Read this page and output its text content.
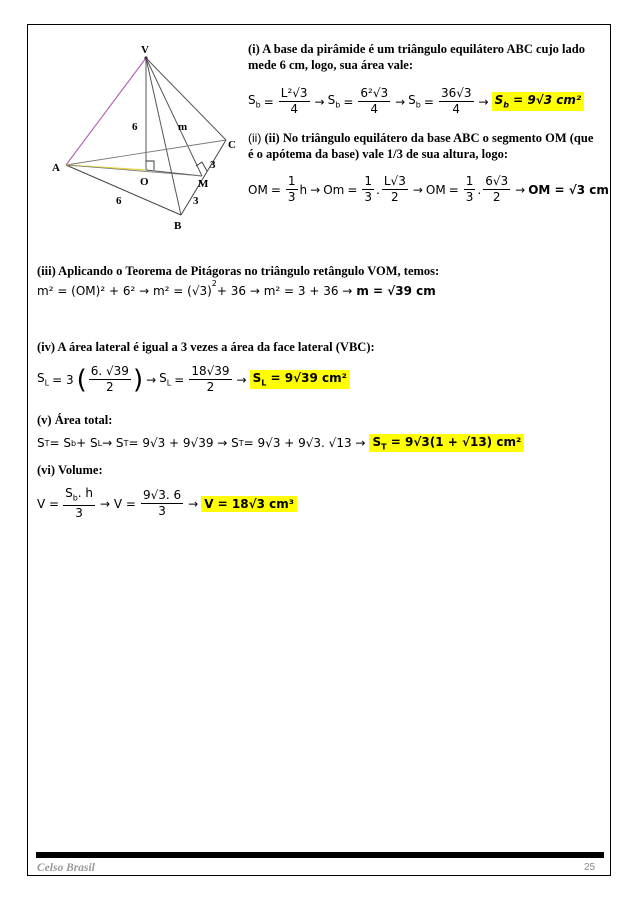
V
6	m
C
A
O	M
3
6	3
B
(i) A base da pirâmide é um triângulo equilátero ABC cujo lado mede 6 cm, logo, sua área vale:
$S_b = \frac{\text{L²√3}}{4} \to S_b = \frac{\text{6²√3}}{4} \to S_b = \frac{36√3}{4} \to S_b = 9√3$ cm²
(ii) (ii) No triângulo equilátero da base ABC o segmento OM (que é o apótema da base) vale 1/3 de sua altura, logo:
OM = $\frac{1}{3}$ $h \to Om = \frac{1}{3}$ . $\frac{L√3}{2}$ → OM = $\frac{1}{3}$ . $\frac{6√3}{2}$ → OM = √3 cm
(iii) Aplicando o Teorema de Pitágoras no triângulo retângulo VOM, temos:
m² = (OM)² + 6² → m² = (√3)
$^2$
+ 36 → m² = 3 + 36 → m = √39 cm
(iv) A área lateral é igual a 3 vezes a área da face lateral (VBC):
$S_L = 3$ ( $\frac{6. √39}{2}$ ) → $S_L = \frac{18√39}{2} \to S_L = 9√39$ cm²
(v) Área total:
S T = S b + S L → S T = 9√3 + 9√39 → S T = 9√3 + 9√3. $√13 \to S_T = 9√3(1 + √13)$ cm²
(vi) Volume:
$V = \frac{S_b. h}{3} \to V = \frac{9√3. 6}{3} \to V = 18√3$ cm³
Celso Brasil	25
